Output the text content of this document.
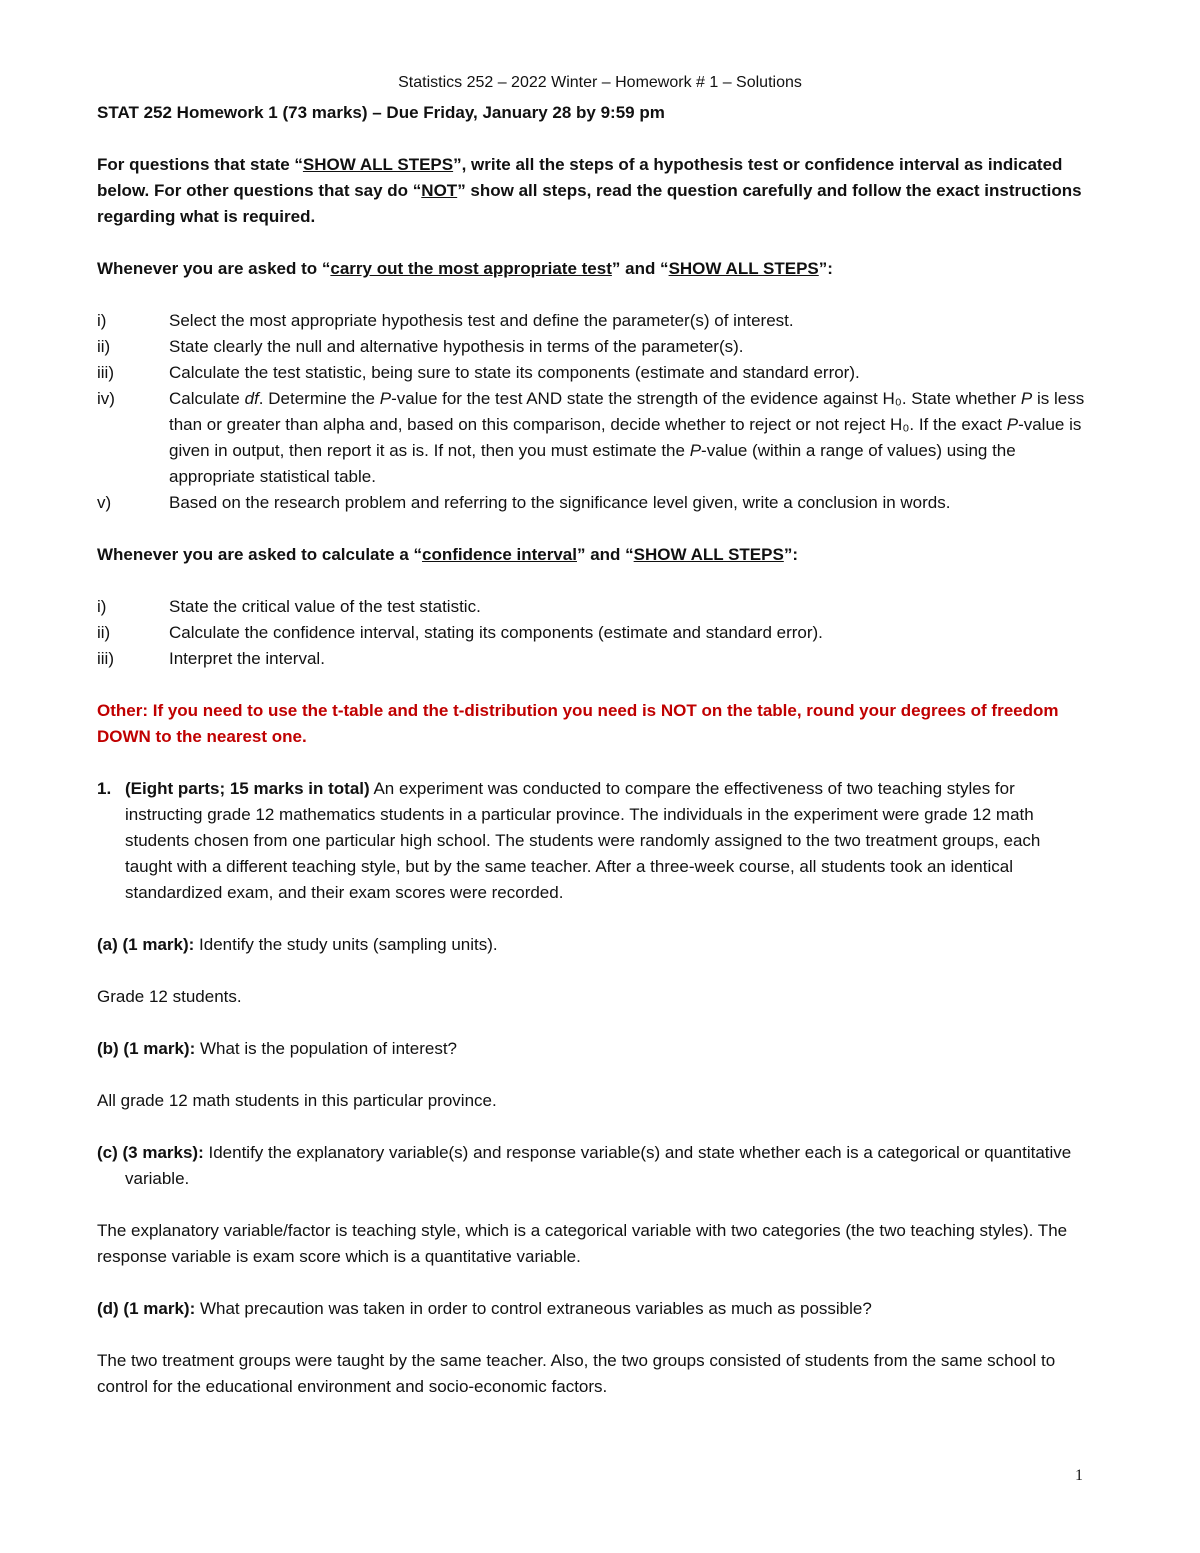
Statistics 252 – 2022 Winter – Homework # 1 – Solutions

STAT 252 Homework 1 (73 marks) – Due Friday, January 28 by 9:59 pm

For questions that state “SHOW ALL STEPS”, write all the steps of a hypothesis test or confidence interval as indicated below. For other questions that say do “NOT” show all steps, read the question carefully and follow the exact instructions regarding what is required.

Whenever you are asked to “carry out the most appropriate test” and “SHOW ALL STEPS”:

i)	Select the most appropriate hypothesis test and define the parameter(s) of interest.
ii)	State clearly the null and alternative hypothesis in terms of the parameter(s).
iii)	Calculate the test statistic, being sure to state its components (estimate and standard error).
iv)	Calculate df. Determine the P-value for the test AND state the strength of the evidence against H₀. State whether P is less than or greater than alpha and, based on this comparison, decide whether to reject or not reject H₀. If the exact P-value is given in output, then report it as is. If not, then you must estimate the P-value (within a range of values) using the appropriate statistical table.
v)	Based on the research problem and referring to the significance level given, write a conclusion in words.

Whenever you are asked to calculate a “confidence interval” and “SHOW ALL STEPS”:

i)	State the critical value of the test statistic.
ii)	Calculate the confidence interval, stating its components (estimate and standard error).
iii)	Interpret the interval.

Other: If you need to use the t-table and the t-distribution you need is NOT on the table, round your degrees of freedom DOWN to the nearest one.

1. (Eight parts; 15 marks in total) An experiment was conducted to compare the effectiveness of two teaching styles for instructing grade 12 mathematics students in a particular province. The individuals in the experiment were grade 12 math students chosen from one particular high school. The students were randomly assigned to the two treatment groups, each taught with a different teaching style, but by the same teacher. After a three-week course, all students took an identical standardized exam, and their exam scores were recorded.

(a) (1 mark): Identify the study units (sampling units).

Grade 12 students.

(b) (1 mark): What is the population of interest?

All grade 12 math students in this particular province.

(c) (3 marks): Identify the explanatory variable(s) and response variable(s) and state whether each is a categorical or quantitative variable.

The explanatory variable/factor is teaching style, which is a categorical variable with two categories (the two teaching styles). The response variable is exam score which is a quantitative variable.

(d) (1 mark): What precaution was taken in order to control extraneous variables as much as possible?

The two treatment groups were taught by the same teacher. Also, the two groups consisted of students from the same school to control for the educational environment and socio-economic factors.

1
